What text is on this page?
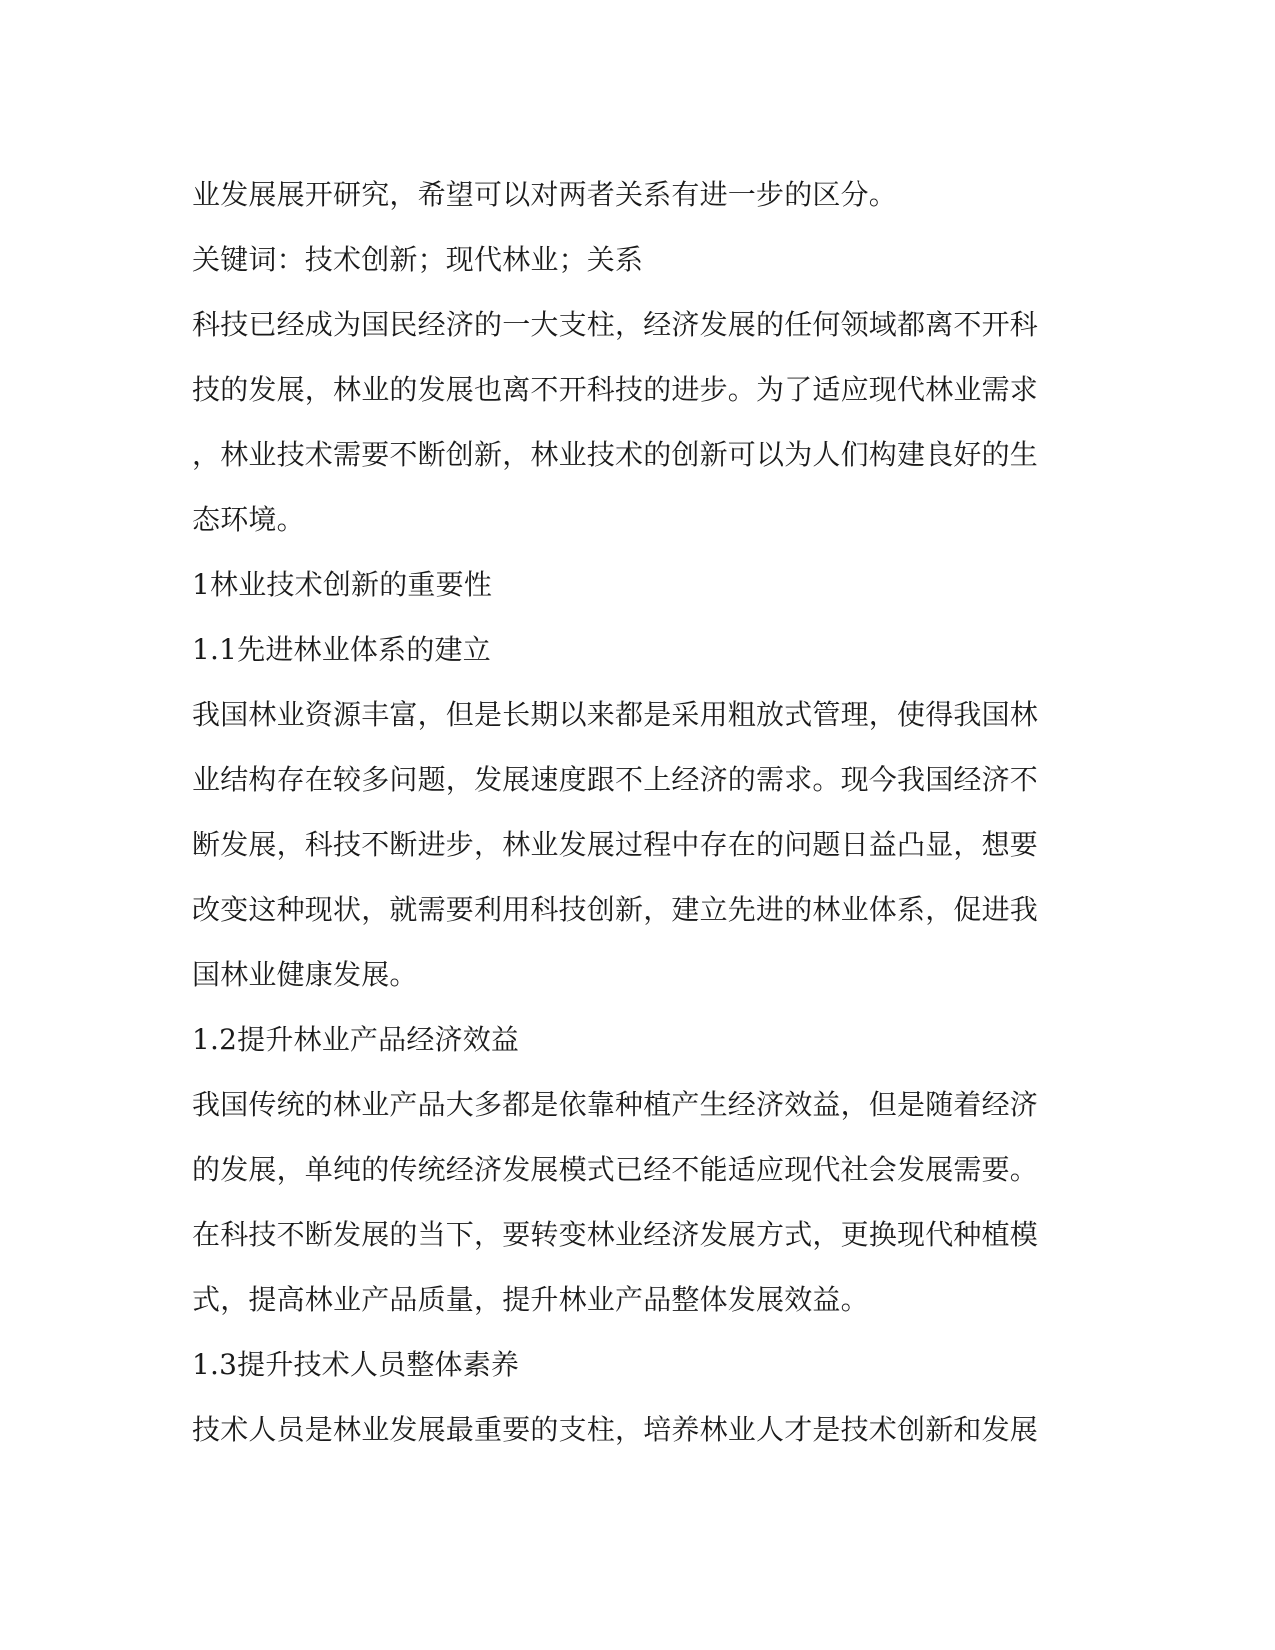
业发展展开研究，希望可以对两者关系有进一步的区分。
关键词：技术创新；现代林业；关系
科技已经成为国民经济的一大支柱，经济发展的任何领域都离不开科
技的发展，林业的发展也离不开科技的进步。为了适应现代林业需求
，林业技术需要不断创新，林业技术的创新可以为人们构建良好的生
态环境。
1林业技术创新的重要性
1.1先进林业体系的建立
我国林业资源丰富，但是长期以来都是采用粗放式管理，使得我国林
业结构存在较多问题，发展速度跟不上经济的需求。现今我国经济不
断发展，科技不断进步，林业发展过程中存在的问题日益凸显，想要
改变这种现状，就需要利用科技创新，建立先进的林业体系，促进我
国林业健康发展。
1.2提升林业产品经济效益
我国传统的林业产品大多都是依靠种植产生经济效益，但是随着经济
的发展，单纯的传统经济发展模式已经不能适应现代社会发展需要。
在科技不断发展的当下，要转变林业经济发展方式，更换现代种植模
式，提高林业产品质量，提升林业产品整体发展效益。
1.3提升技术人员整体素养
技术人员是林业发展最重要的支柱，培养林业人才是技术创新和发展
